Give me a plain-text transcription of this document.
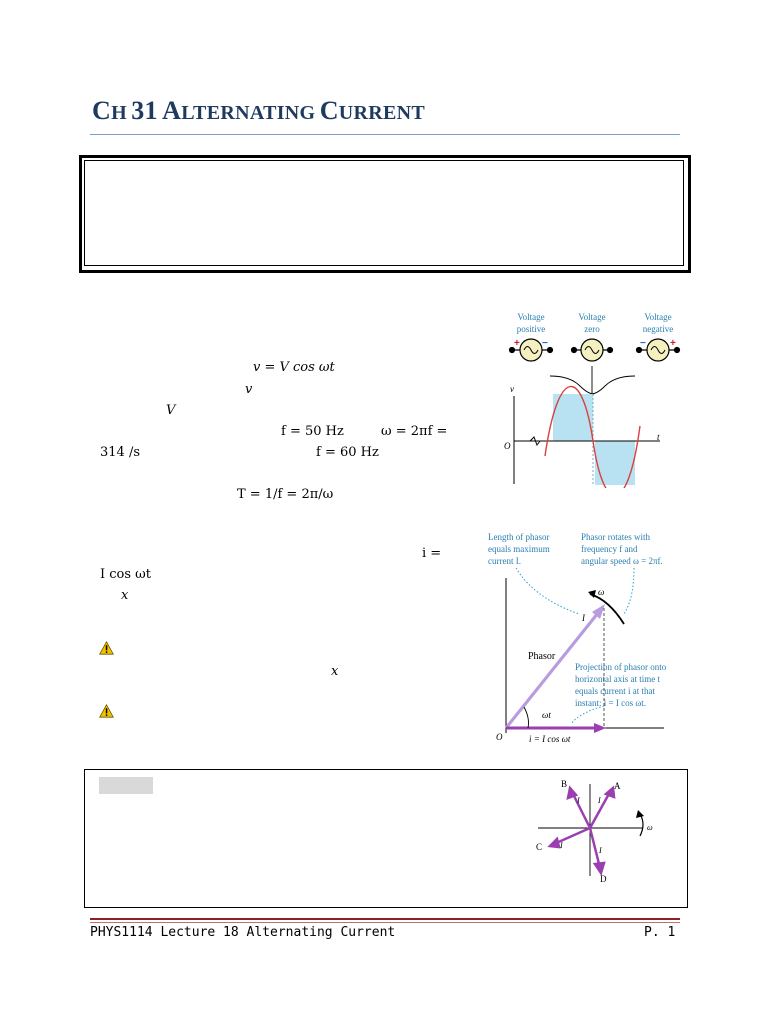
CH 31 ALTERNATING CURRENT
v = V cos ωt
v
V
f = 50 Hz	ω = 2πf =
314 /s	f = 60 Hz
T = 1/f = 2π/ω
i =
I cos ωt
x
x
Voltage
positive
Voltage
zero
Voltage
negative
+ −	− +
v
t
O
Length of phasor
equals maximum
current I.
Phasor rotates with
frequency f and
angular speed ω = 2πf.
Projection of phasor onto
horizontal axis at time t
equals current i at that
instant: i = I cos ωt.
ω
I
ωt
O	i = I cos ωt
Phasor
I I
I
I
ω
B	A
C
D
PHYS1114 Lecture 18 Alternating Current	P. 1
